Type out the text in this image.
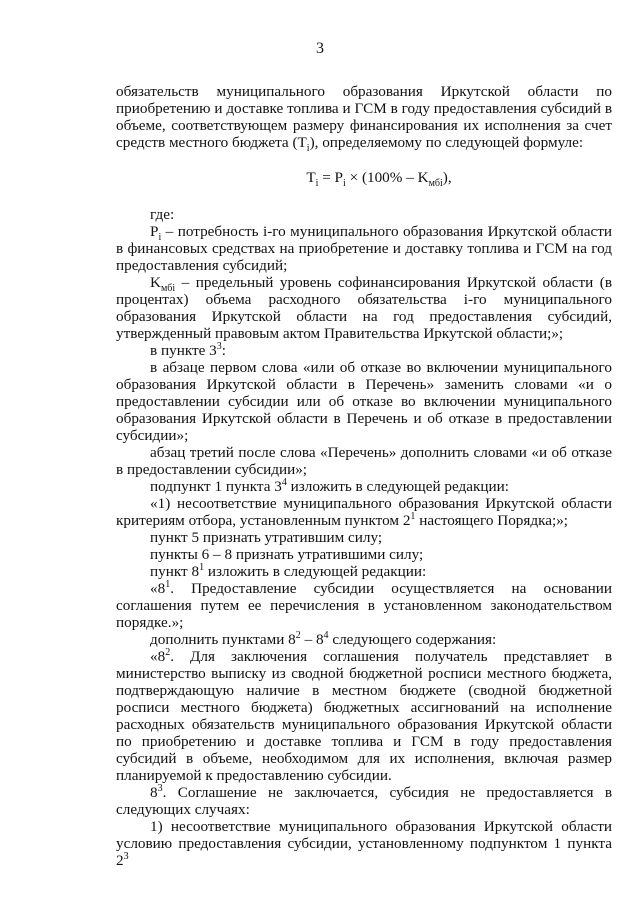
3

обязательств муниципального образования Иркутской области по приобретению и доставке топлива и ГСМ в году предоставления субсидий в объеме, соответствующем размеру финансирования их исполнения за счет средств местного бюджета $(T_i)$, определяемому по следующей формуле:

$T_i = P_i \times (100\% - K_{мбi})$,

где:

$P_i$ – потребность i-го муниципального образования Иркутской области в финансовых средствах на приобретение и доставку топлива и ГСМ на год предоставления субсидий;

$K_{мбi}$ – предельный уровень софинансирования Иркутской области (в процентах) объема расходного обязательства i-го муниципального образования Иркутской области на год предоставления субсидий, утвержденный правовым актом Правительства Иркутской области;»;

в пункте $3^3$:

в абзаце первом слова «или об отказе во включении муниципального образования Иркутской области в Перечень» заменить словами «и о предоставлении субсидии или об отказе во включении муниципального образования Иркутской области в Перечень и об отказе в предоставлении субсидии»;

абзац третий после слова «Перечень» дополнить словами «и об отказе в предоставлении субсидии»;

подпункт 1 пункта $3^4$ изложить в следующей редакции:

«1) несоответствие муниципального образования Иркутской области критериям отбора, установленным пунктом $2^1$ настоящего Порядка;»;

пункт 5 признать утратившим силу;

пункты 6 – 8 признать утратившими силу;

пункт $8^1$ изложить в следующей редакции:

«$8^1$. Предоставление субсидии осуществляется на основании соглашения путем ее перечисления в установленном законодательством порядке.»;

дополнить пунктами $8^2 - 8^4$ следующего содержания:

«$8^2$. Для заключения соглашения получатель представляет в министерство выписку из сводной бюджетной росписи местного бюджета, подтверждающую наличие в местном бюджете (сводной бюджетной росписи местного бюджета) бюджетных ассигнований на исполнение расходных обязательств муниципального образования Иркутской области по приобретению и доставке топлива и ГСМ в году предоставления субсидий в объеме, необходимом для их исполнения, включая размер планируемой к предоставлению субсидии.

$8^3$. Соглашение не заключается, субсидия не предоставляется в следующих случаях:

1) несоответствие муниципального образования Иркутской области условию предоставления субсидии, установленному подпунктом 1 пункта $2^3$
